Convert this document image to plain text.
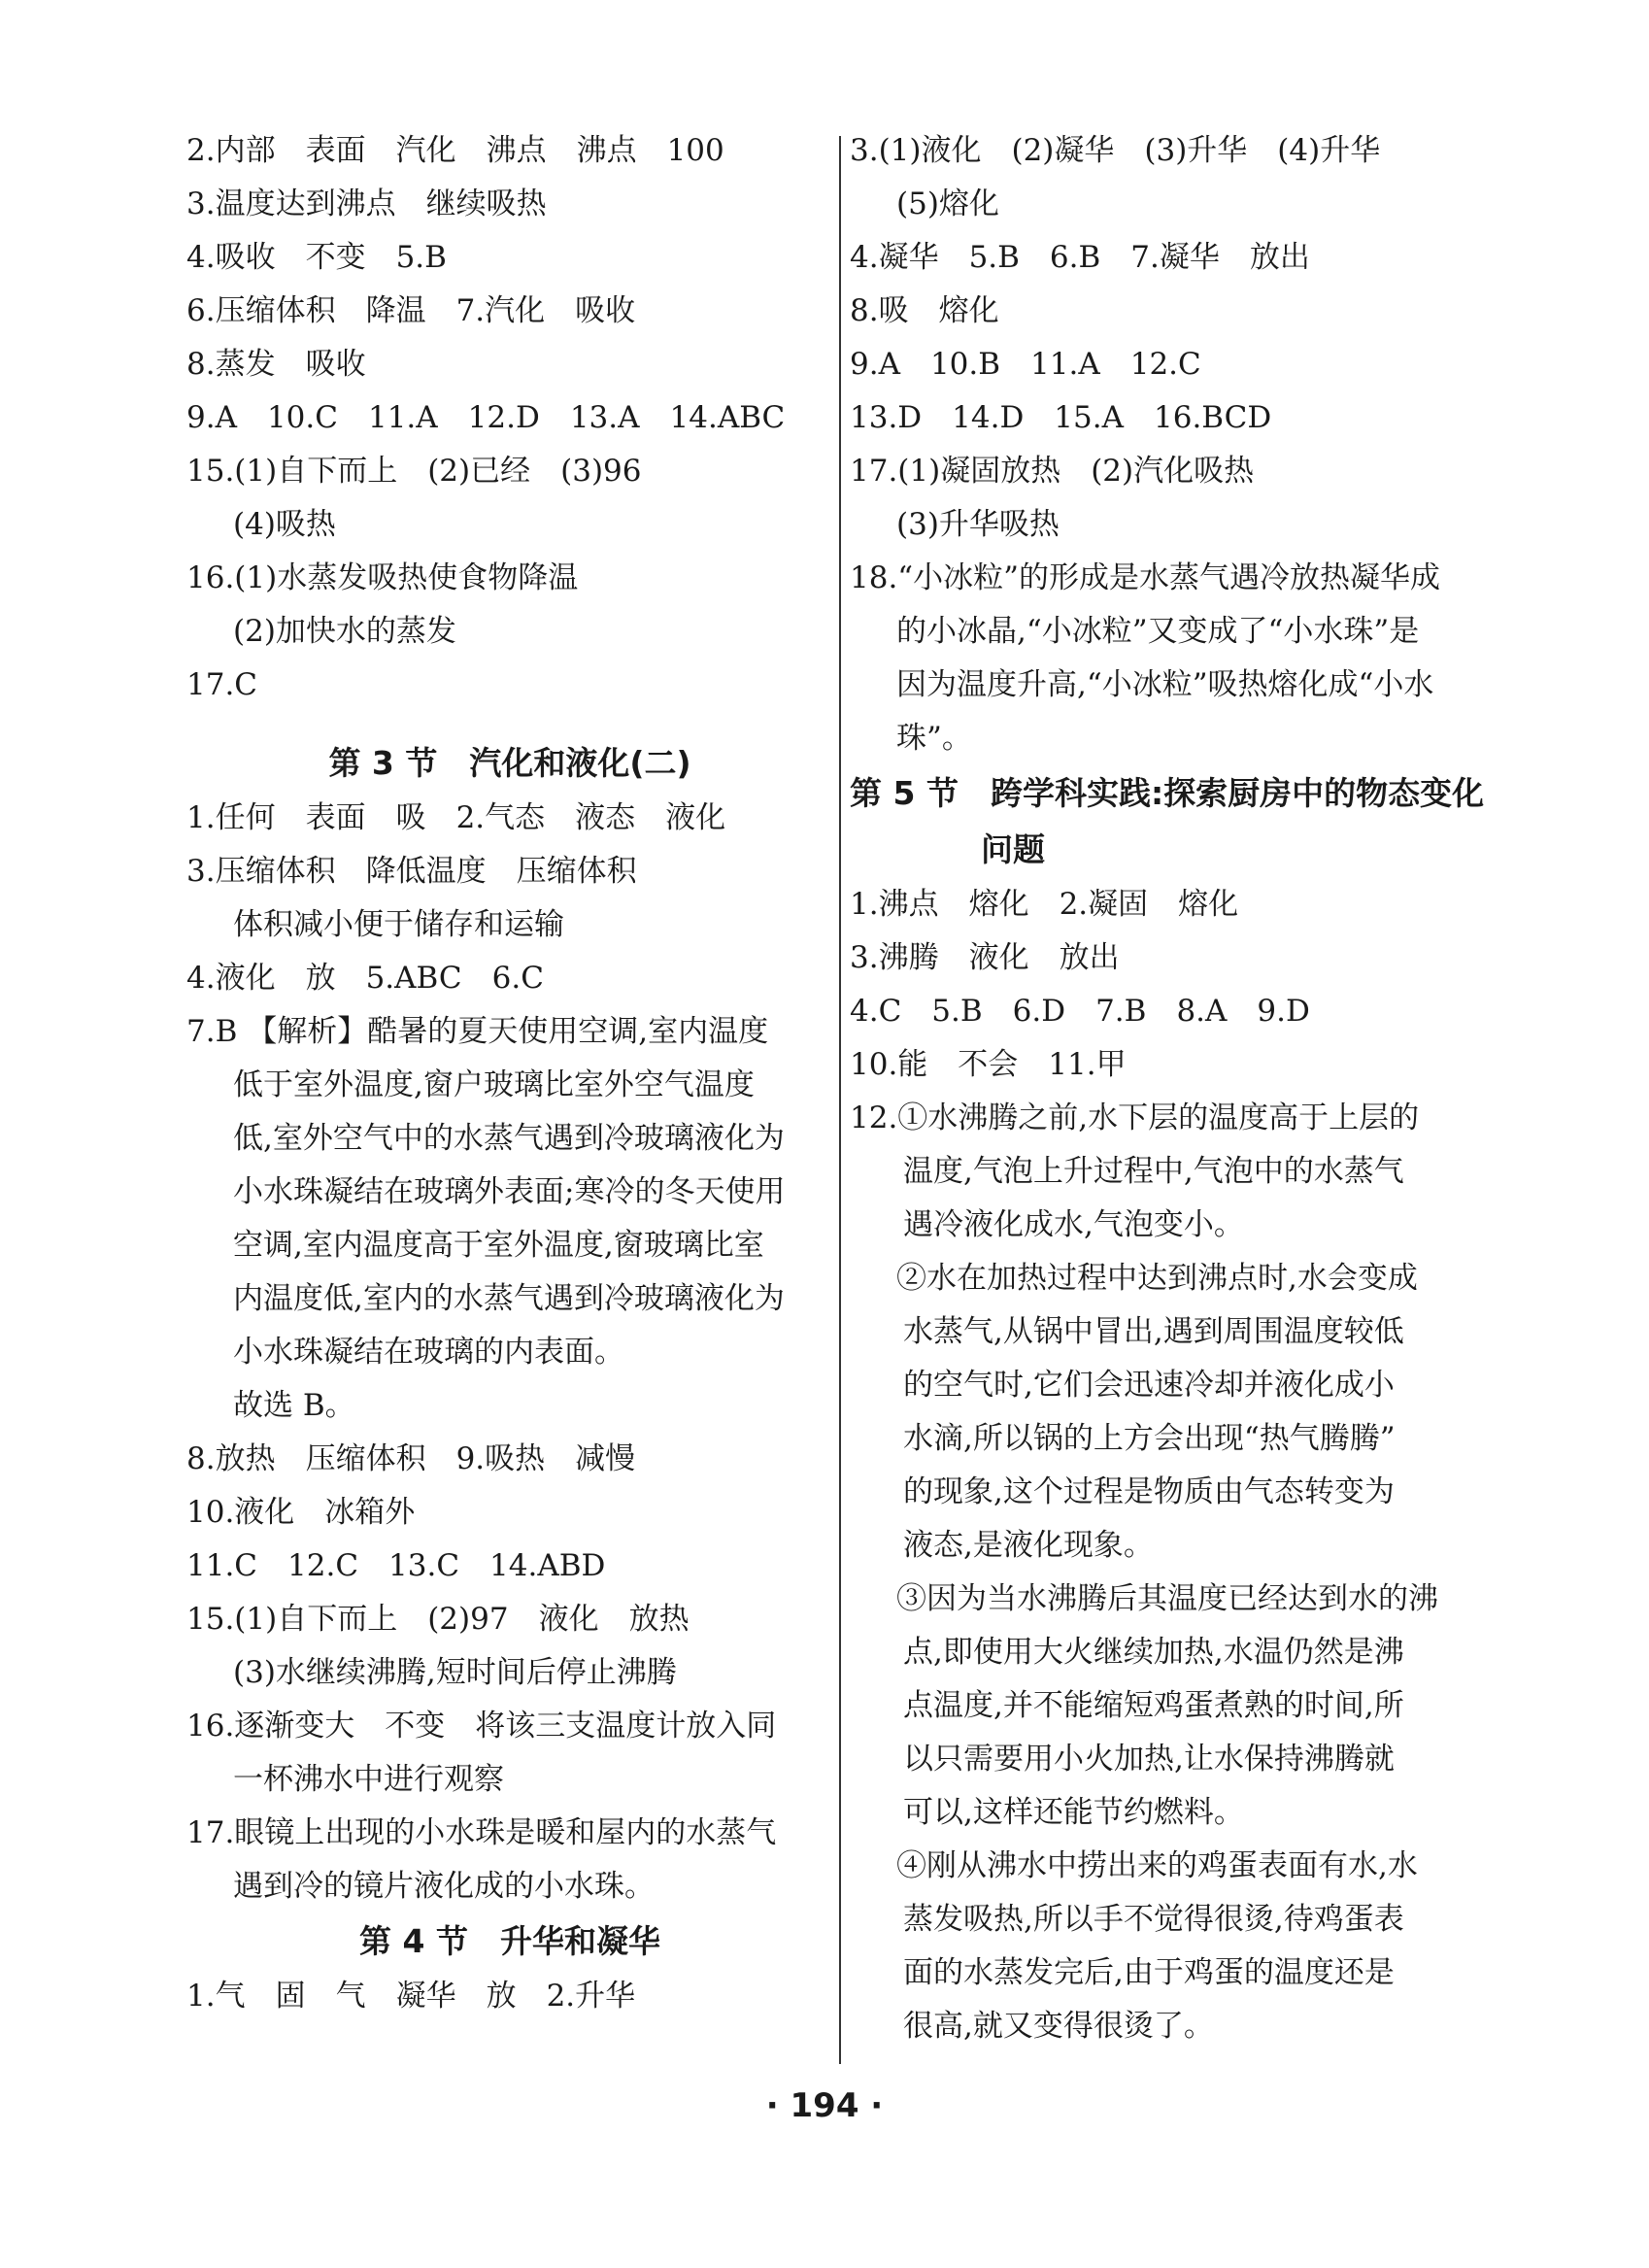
2.内部　表面　汽化　沸点　沸点　100

3.温度达到沸点　继续吸热

4.吸收　不变　5.B

6.压缩体积　降温　7.汽化　吸收

8.蒸发　吸收

9.A　10.C　11.A　12.D　13.A　14.ABC

15.(1)自下而上　(2)已经　(3)96

(4)吸热

16.(1)水蒸发吸热使食物降温

(2)加快水的蒸发

17.C

第 3 节　汽化和液化(二)

1.任何　表面　吸　2.气态　液态　液化

3.压缩体积　降低温度　压缩体积

体积减小便于储存和运输

4.液化　放　5.ABC　6.C

7.B 【解析】酷暑的夏天使用空调,室内温度

低于室外温度,窗户玻璃比室外空气温度

低,室外空气中的水蒸气遇到冷玻璃液化为

小水珠凝结在玻璃外表面;寒冷的冬天使用

空调,室内温度高于室外温度,窗玻璃比室

内温度低,室内的水蒸气遇到冷玻璃液化为

小水珠凝结在玻璃的内表面。

故选 B。

8.放热　压缩体积　9.吸热　减慢

10.液化　冰箱外

11.C　12.C　13.C　14.ABD

15.(1)自下而上　(2)97　液化　放热

(3)水继续沸腾,短时间后停止沸腾

16.逐渐变大　不变　将该三支温度计放入同

一杯沸水中进行观察

17.眼镜上出现的小水珠是暖和屋内的水蒸气

遇到冷的镜片液化成的小水珠。

第 4 节　升华和凝华

1.气　固　气　凝华　放　2.升华

3.(1)液化　(2)凝华　(3)升华　(4)升华

(5)熔化

4.凝华　5.B　6.B　7.凝华　放出

8.吸　熔化

9.A　10.B　11.A　12.C

13.D　14.D　15.A　16.BCD

17.(1)凝固放热　(2)汽化吸热

(3)升华吸热

18.“小冰粒”的形成是水蒸气遇冷放热凝华成

的小冰晶,“小冰粒”又变成了“小水珠”是

因为温度升高,“小冰粒”吸热熔化成“小水

珠”。

第 5 节　跨学科实践:探索厨房中的物态变化

问题

1.沸点　熔化　2.凝固　熔化

3.沸腾　液化　放出

4.C　5.B　6.D　7.B　8.A　9.D

10.能　不会　11.甲

12.①水沸腾之前,水下层的温度高于上层的

温度,气泡上升过程中,气泡中的水蒸气

遇冷液化成水,气泡变小。

②水在加热过程中达到沸点时,水会变成

水蒸气,从锅中冒出,遇到周围温度较低

的空气时,它们会迅速冷却并液化成小

水滴,所以锅的上方会出现“热气腾腾”

的现象,这个过程是物质由气态转变为

液态,是液化现象。

③因为当水沸腾后其温度已经达到水的沸

点,即使用大火继续加热,水温仍然是沸

点温度,并不能缩短鸡蛋煮熟的时间,所

以只需要用小火加热,让水保持沸腾就

可以,这样还能节约燃料。

④刚从沸水中捞出来的鸡蛋表面有水,水

蒸发吸热,所以手不觉得很烫,待鸡蛋表

面的水蒸发完后,由于鸡蛋的温度还是

很高,就又变得很烫了。

· 194 ·
